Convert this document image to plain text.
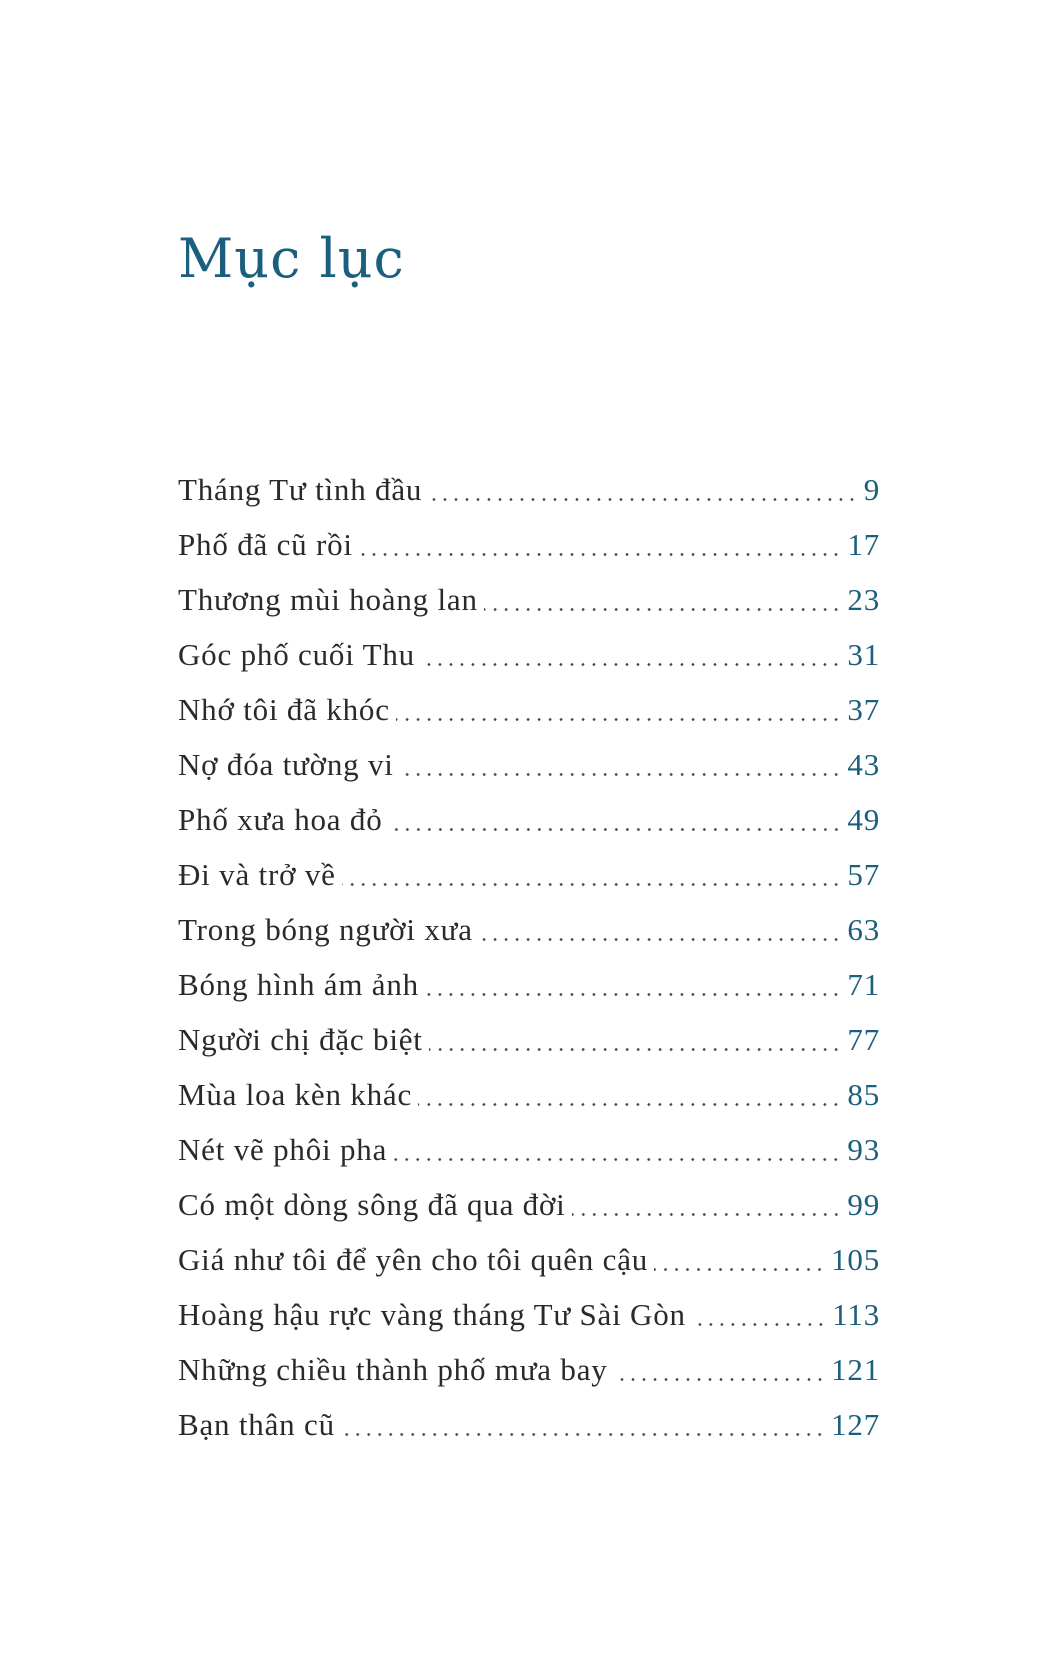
Mục lục
Tháng Tư tình đầu	9
Phố đã cũ rồi	17
Thương mùi hoàng lan	23
Góc phố cuối Thu	31
Nhớ tôi đã khóc	37
Nợ đóa tường vi	43
Phố xưa hoa đỏ	49
Đi và trở về	57
Trong bóng người xưa	63
Bóng hình ám ảnh	71
Người chị đặc biệt	77
Mùa loa kèn khác	85
Nét vẽ phôi pha	93
Có một dòng sông đã qua đời	99
Giá như tôi để yên cho tôi quên cậu	105
Hoàng hậu rực vàng tháng Tư Sài Gòn	113
Những chiều thành phố mưa bay	121
Bạn thân cũ	127
